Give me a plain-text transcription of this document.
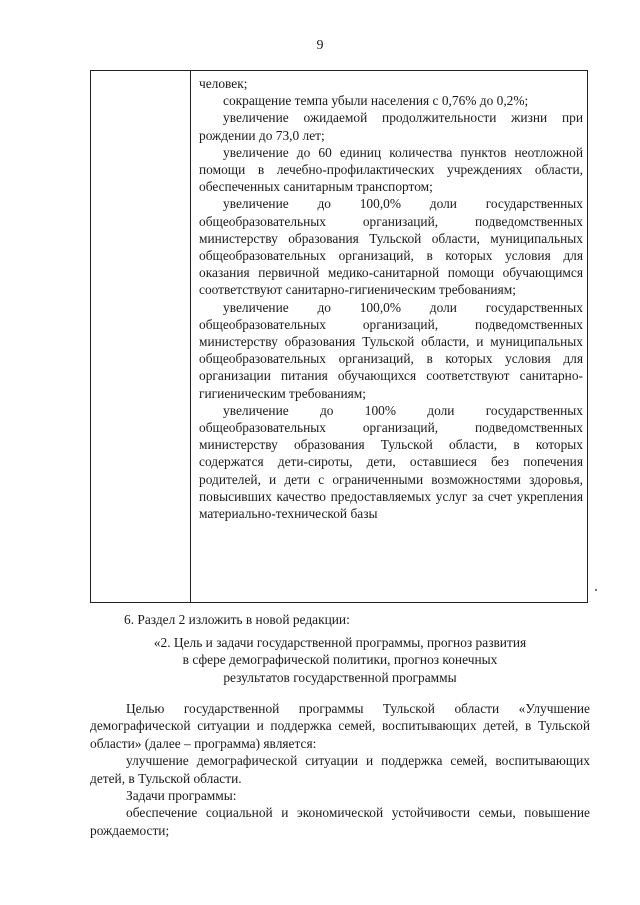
9

человек;

сокращение темпа убыли населения с 0,76% до 0,2%;

увеличение ожидаемой продолжительности жизни при рождении до 73,0 лет;

увеличение до 60 единиц количества пунктов неотложной помощи в лечебно-профилактических учреждениях области, обеспеченных санитарным транспортом;

увеличение до 100,0% доли государственных общеобразовательных организаций, подведомственных министерству образования Тульской области, муниципальных общеобразовательных организаций, в которых условия для оказания первичной медико-санитарной помощи обучающимся соответствуют санитарно-гигиеническим требованиям;

увеличение до 100,0% доли государственных общеобразовательных организаций, подведомственных министерству образования Тульской области, и муниципальных общеобразовательных организаций, в которых условия для организации питания обучающихся соответствуют санитарно-гигиеническим требованиям;

увеличение до 100% доли государственных общеобразовательных организаций, подведомственных министерству образования Тульской области, в которых содержатся дети-сироты, дети, оставшиеся без попечения родителей, и дети с ограниченными возможностями здоровья, повысивших качество предоставляемых услуг за счет укрепления материально-технической базы

6. Раздел 2 изложить в новой редакции:
«2. Цель и задачи государственной программы, прогноз развития
в сфере демографической политики, прогноз конечных
результатов государственной программы

Целью государственной программы Тульской области «Улучшение демографической ситуации и поддержка семей, воспитывающих детей, в Тульской области» (далее – программа) является:

улучшение демографической ситуации и поддержка семей, воспитывающих детей, в Тульской области.

Задачи программы:

обеспечение социальной и экономической устойчивости семьи, повышение рождаемости;
